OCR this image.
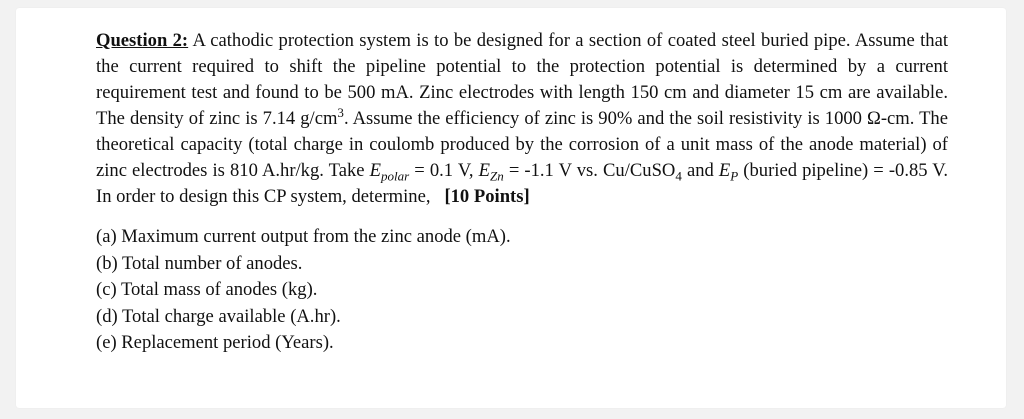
Question 2: A cathodic protection system is to be designed for a section of coated steel buried pipe. Assume that the current required to shift the pipeline potential to the protection potential is determined by a current requirement test and found to be 500 mA. Zinc electrodes with length 150 cm and diameter 15 cm are available. The density of zinc is 7.14 $g/cm^3$. Assume the efficiency of zinc is 90% and the soil resistivity is 1000 Ω-cm. The theoretical capacity (total charge in coulomb produced by the corrosion of a unit mass of the anode material) of zinc electrodes is 810 A.hr/kg. Take $E_{polar} = 0.1$ V, $E_{Zn} = -1.1$ V vs. Cu/CuSO$_4$ and $E_P$ (buried pipeline) = -0.85 V. In order to design this CP system, determine, [10 Points]

(a) Maximum current output from the zinc anode (mA).
(b) Total number of anodes.
(c) Total mass of anodes (kg).
(d) Total charge available (A.hr).
(e) Replacement period (Years).
